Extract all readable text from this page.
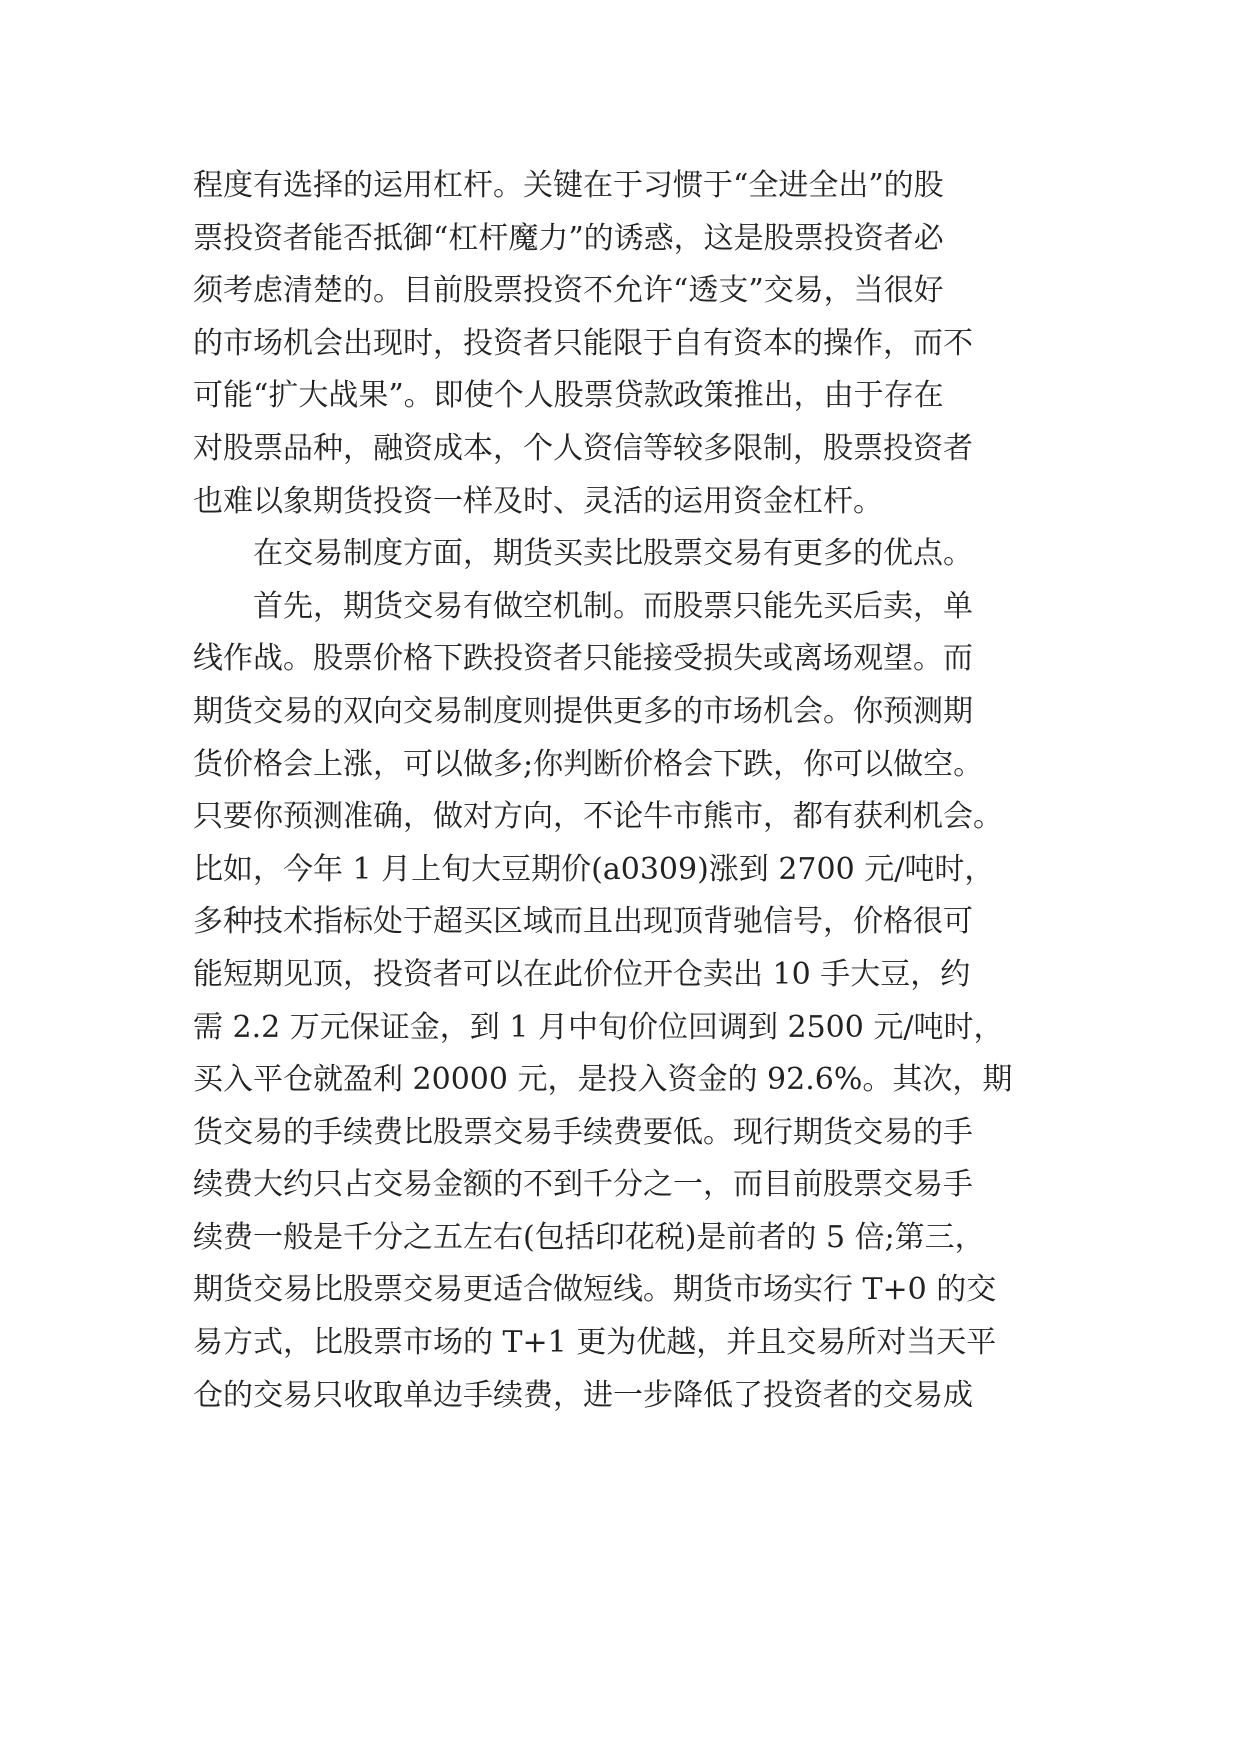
程度有选择的运用杠杆。关键在于习惯于“全进全出”的股
票投资者能否抵御“杠杆魔力”的诱惑，这是股票投资者必
须考虑清楚的。目前股票投资不允许“透支”交易，当很好
的市场机会出现时，投资者只能限于自有资本的操作，而不
可能“扩大战果”。即使个人股票贷款政策推出，由于存在
对股票品种，融资成本，个人资信等较多限制，股票投资者
也难以象期货投资一样及时、灵活的运用资金杠杆。
　　在交易制度方面，期货买卖比股票交易有更多的优点。
　　首先，期货交易有做空机制。而股票只能先买后卖，单
线作战。股票价格下跌投资者只能接受损失或离场观望。而
期货交易的双向交易制度则提供更多的市场机会。你预测期
货价格会上涨，可以做多;你判断价格会下跌，你可以做空。
只要你预测准确，做对方向，不论牛市熊市，都有获利机会。
比如，今年 1 月上旬大豆期价(a0309)涨到 2700 元/吨时，
多种技术指标处于超买区域而且出现顶背驰信号，价格很可
能短期见顶，投资者可以在此价位开仓卖出 10 手大豆，约
需 2.2 万元保证金，到 1 月中旬价位回调到 2500 元/吨时，
买入平仓就盈利 20000 元，是投入资金的 92.6%。其次，期
货交易的手续费比股票交易手续费要低。现行期货交易的手
续费大约只占交易金额的不到千分之一，而目前股票交易手
续费一般是千分之五左右(包括印花税)是前者的 5 倍;第三，
期货交易比股票交易更适合做短线。期货市场实行 T+0 的交
易方式，比股票市场的 T+1 更为优越，并且交易所对当天平
仓的交易只收取单边手续费，进一步降低了投资者的交易成
